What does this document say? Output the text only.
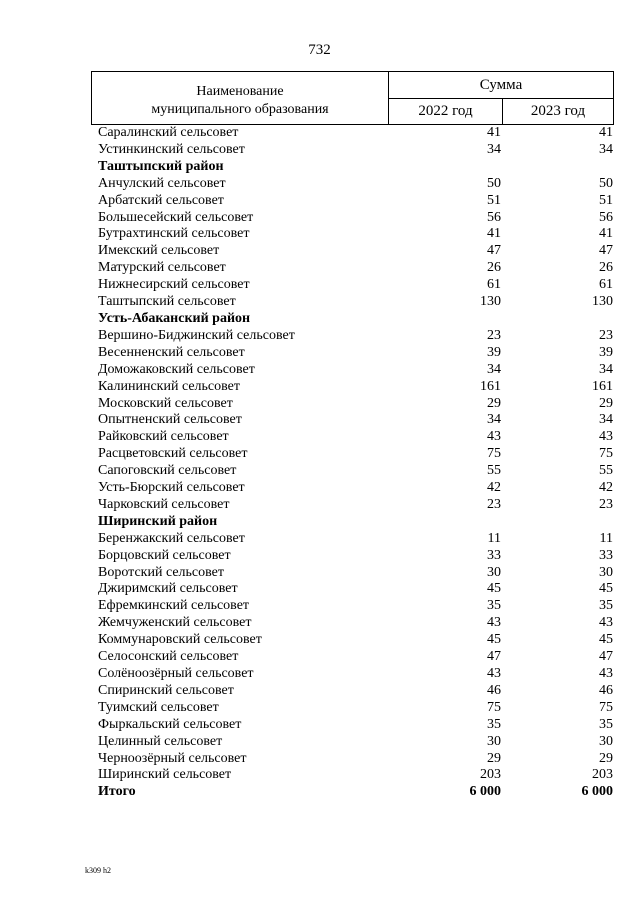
732
Наименование
муниципального образования
Сумма
2022 год	2023 год
Саралинский сельсовет	41	41
Устинкинский сельсовет	34	34
Таштыпский район
Анчулский сельсовет	50	50
Арбатский сельсовет	51	51
Большесейский сельсовет	56	56
Бутрахтинский сельсовет	41	41
Имекский сельсовет	47	47
Матурский сельсовет	26	26
Нижнесирский сельсовет	61	61
Таштыпский сельсовет	130	130
Усть-Абаканский район
Вершино-Биджинский сельсовет	23	23
Весенненский сельсовет	39	39
Доможаковский сельсовет	34	34
Калининский сельсовет	161	161
Московский сельсовет	29	29
Опытненский сельсовет	34	34
Райковский сельсовет	43	43
Расцветовский сельсовет	75	75
Сапоговский сельсовет	55	55
Усть-Бюрский сельсовет	42	42
Чарковский сельсовет	23	23
Ширинский район
Беренжакский сельсовет	11	11
Борцовский сельсовет	33	33
Воротский сельсовет	30	30
Джиримский сельсовет	45	45
Ефремкинский сельсовет	35	35
Жемчуженский сельсовет	43	43
Коммунаровский сельсовет	45	45
Селосонский сельсовет	47	47
Солёноозёрный сельсовет	43	43
Спиринский сельсовет	46	46
Туимский сельсовет	75	75
Фыркальский сельсовет	35	35
Целинный сельсовет	30	30
Черноозёрный сельсовет	29	29
Ширинский сельсовет	203	203
Итого	6 000	6 000
k309 h2
